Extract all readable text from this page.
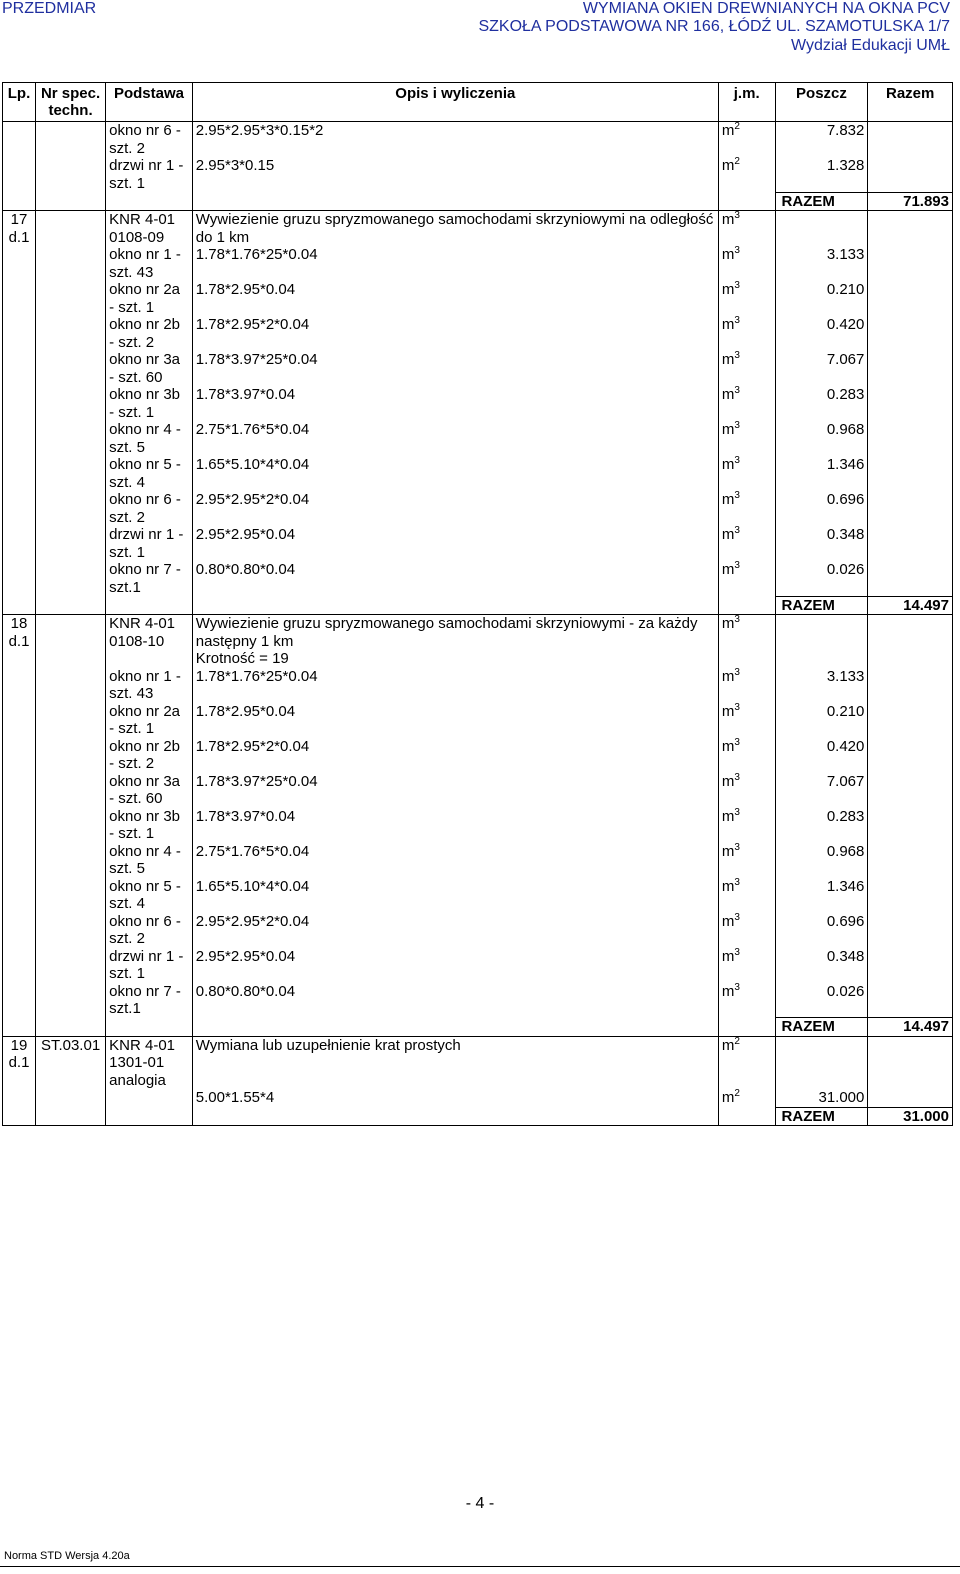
PRZEDMIAR	WYMIANA OKIEN DREWNIANYCH NA OKNA PCV
SZKOŁA PODSTAWOWA NR 166, ŁÓDŹ UL. SZAMOTULSKA 1/7
Wydział Edukacji UMŁ
Lp.	Nr spec. techn.	Podstawa	Opis i wyliczenia	j.m.	Poszcz	Razem
		okno nr 6 - szt. 2	2.95*2.95*3*0.15*2	$m^2$	7.832	
		drzwi nr 1 - szt. 1	2.95*3*0.15	$m^2$	1.328	
					RAZEM	71.893
17 d.1		KNR 4-01 0108-09	Wywiezienie gruzu spryzmowanego samochodami skrzyniowymi na odległość do 1 km	$m^3$		
		okno nr 1 - szt. 43	1.78*1.76*25*0.04	$m^3$	3.133	
		okno nr 2a - szt. 1	1.78*2.95*0.04	$m^3$	0.210	
		okno nr 2b - szt. 2	1.78*2.95*2*0.04	$m^3$	0.420	
		okno nr 3a - szt. 60	1.78*3.97*25*0.04	$m^3$	7.067	
		okno nr 3b - szt. 1	1.78*3.97*0.04	$m^3$	0.283	
		okno nr 4 - szt. 5	2.75*1.76*5*0.04	$m^3$	0.968	
		okno nr 5 - szt. 4	1.65*5.10*4*0.04	$m^3$	1.346	
		okno nr 6 - szt. 2	2.95*2.95*2*0.04	$m^3$	0.696	
		drzwi nr 1 - szt. 1	2.95*2.95*0.04	$m^3$	0.348	
		okno nr 7 - szt.1	0.80*0.80*0.04	$m^3$	0.026	
					RAZEM	14.497
18 d.1		KNR 4-01 0108-10	Wywiezienie gruzu spryzmowanego samochodami skrzyniowymi - za każdy następny 1 km
Krotność = 19	$m^3$		
		okno nr 1 - szt. 43	1.78*1.76*25*0.04	$m^3$	3.133	
		okno nr 2a - szt. 1	1.78*2.95*0.04	$m^3$	0.210	
		okno nr 2b - szt. 2	1.78*2.95*2*0.04	$m^3$	0.420	
		okno nr 3a - szt. 60	1.78*3.97*25*0.04	$m^3$	7.067	
		okno nr 3b - szt. 1	1.78*3.97*0.04	$m^3$	0.283	
		okno nr 4 - szt. 5	2.75*1.76*5*0.04	$m^3$	0.968	
		okno nr 5 - szt. 4	1.65*5.10*4*0.04	$m^3$	1.346	
		okno nr 6 - szt. 2	2.95*2.95*2*0.04	$m^3$	0.696	
		drzwi nr 1 - szt. 1	2.95*2.95*0.04	$m^3$	0.348	
		okno nr 7 - szt.1	0.80*0.80*0.04	$m^3$	0.026	
					RAZEM	14.497
19 d.1	ST.03.01	KNR 4-01 1301-01 analogia	Wymiana lub uzupełnienie krat prostych	$m^2$		
			5.00*1.55*4	$m^2$	31.000	
					RAZEM	31.000
- 4 -
Norma STD Wersja 4.20a
